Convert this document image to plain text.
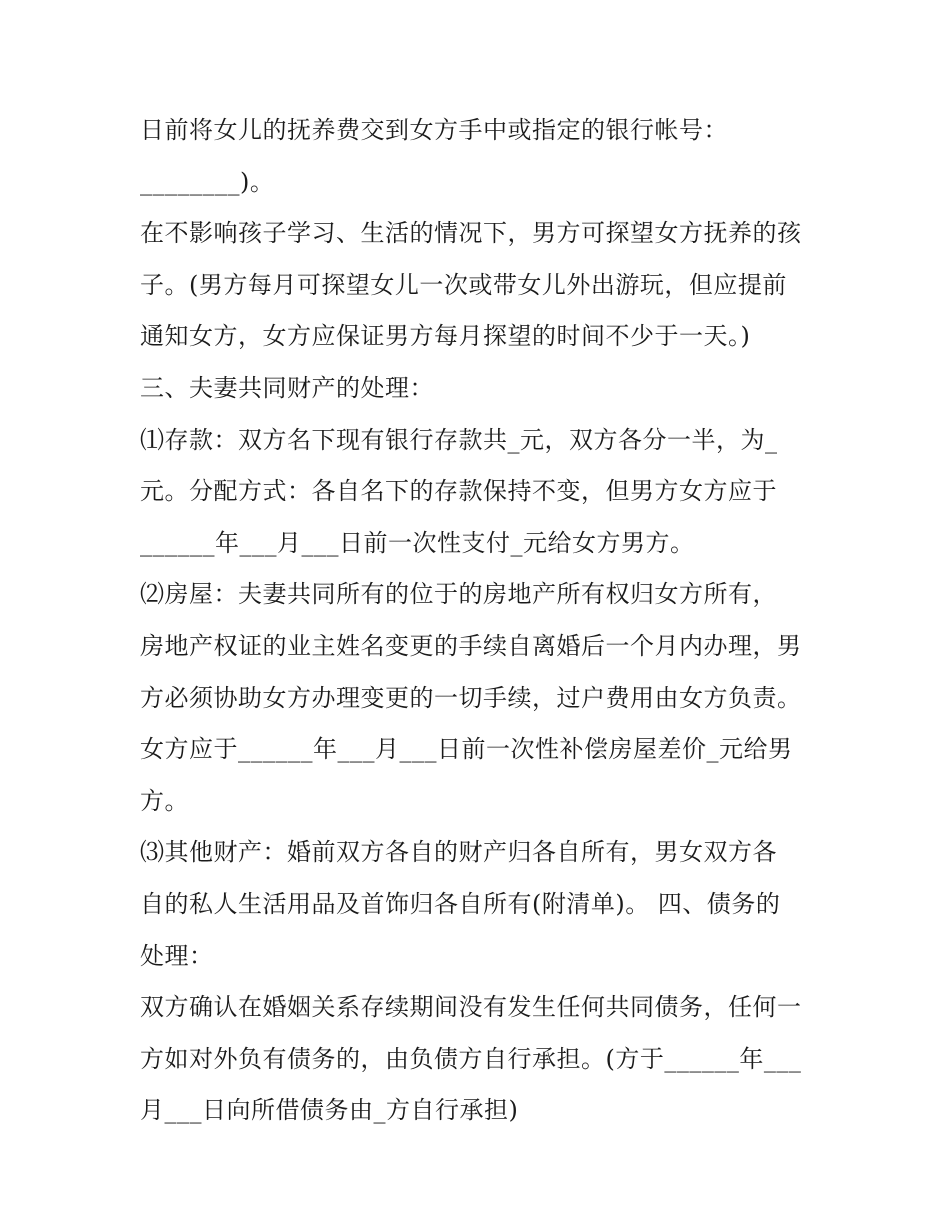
日前将女儿的抚养费交到女方手中或指定的银行帐号：
________)。
在不影响孩子学习、生活的情况下，男方可探望女方抚养的孩
子。(男方每月可探望女儿一次或带女儿外出游玩，但应提前
通知女方，女方应保证男方每月探望的时间不少于一天。)
三、夫妻共同财产的处理：
⑴存款：双方名下现有银行存款共_元，双方各分一半，为_
元。分配方式：各自名下的存款保持不变，但男方女方应于
______年___月___日前一次性支付_元给女方男方。
⑵房屋：夫妻共同所有的位于的房地产所有权归女方所有，
房地产权证的业主姓名变更的手续自离婚后一个月内办理，男
方必须协助女方办理变更的一切手续，过户费用由女方负责。
女方应于______年___月___日前一次性补偿房屋差价_元给男
方。
⑶其他财产：婚前双方各自的财产归各自所有，男女双方各
自的私人生活用品及首饰归各自所有(附清单)。 四、债务的
处理：
双方确认在婚姻关系存续期间没有发生任何共同债务，任何一
方如对外负有债务的，由负债方自行承担。(方于______年___
月___日向所借债务由_方自行承担)
